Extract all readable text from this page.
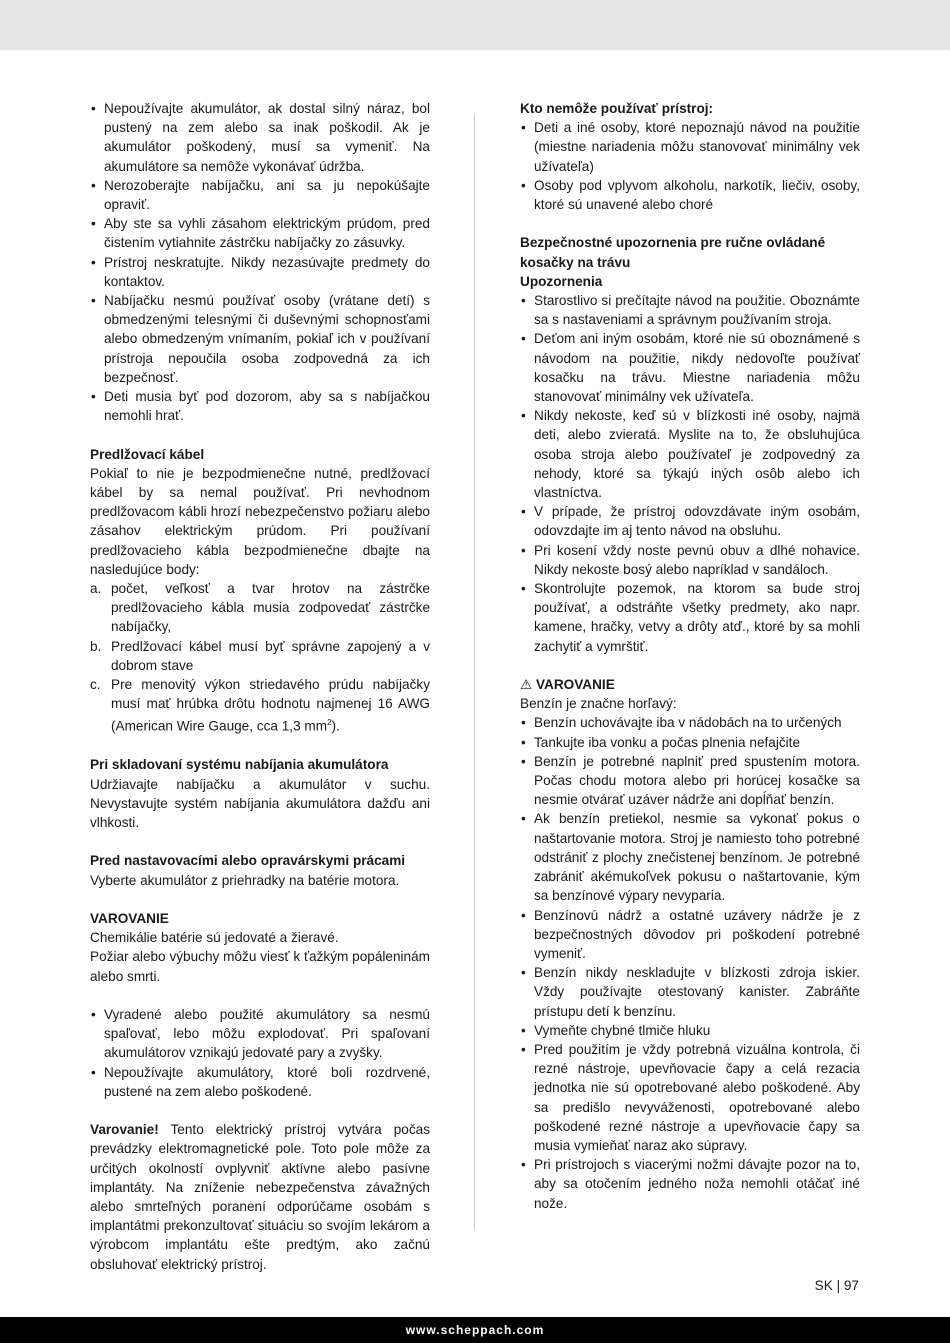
• Nepoužívajte akumulátor, ak dostal silný náraz, bol pustený na zem alebo sa inak poškodil. Ak je akumulátor poškodený, musí sa vymeniť. Na akumulátore sa nemôže vykonávať údržba.
• Nerozoberajte nabíjačku, ani sa ju nepokúšajte opraviť.
• Aby ste sa vyhli zásahom elektrickým prúdom, pred čistením vytiahnite zástrčku nabíjačky zo zásuvky.
• Prístroj neskratujte. Nikdy nezasúvajte predmety do kontaktov.
• Nabíjačku nesmú používať osoby (vrátane detí) s obmedzenými telesnými či duševnými schopnosťami alebo obmedzeným vnímaním, pokiaľ ich v používaní prístroja nepoučila osoba zodpovedná za ich bezpečnosť.
• Deti musia byť pod dozorom, aby sa s nabíjačkou nemohli hrať.

Predlžovací kábel

Pokiaľ to nie je bezpodmienečne nutné, predlžovací kábel by sa nemal používať. Pri nevhodnom predlžovacom kábli hrozí nebezpečenstvo požiaru alebo zásahov elektrickým prúdom. Pri používaní predlžovacieho kábla bezpodmienečne dbajte na nasledujúce body:

a. počet, veľkosť a tvar hrotov na zástrčke predlžovacieho kábla musia zodpovedať zástrčke nabíjačky,
b. Predlžovací kábel musí byť správne zapojený a v dobrom stave
c. Pre menovitý výkon striedavého prúdu nabíjačky musí mať hrúbka drôtu hodnotu najmenej 16 AWG (American Wire Gauge, cca 1,3 $mm^2$).

Pri skladovaní systému nabíjania akumulátora

Udržiavajte nabíjačku a akumulátor v suchu. Nevystavujte systém nabíjania akumulátora dažďu ani vlhkosti.

Pred nastavovacími alebo opravárskymi prácami

Vyberte akumulátor z priehradky na batérie motora.

VAROVANIE

Chemikálie batérie sú jedovaté a žieravé.

Požiar alebo výbuchy môžu viesť k ťažkým popáleninám alebo smrti.

• Vyradené alebo použité akumulátory sa nesmú spaľovať, lebo môžu explodovať. Pri spaľovaní akumulátorov vznikajú jedovaté pary a zvyšky.
• Nepoužívajte akumulátory, ktoré boli rozdrvené, pustené na zem alebo poškodené.

Varovanie! Tento elektrický prístroj vytvára počas prevádzky elektromagnetické pole. Toto pole môže za určitých okolností ovplyvniť aktívne alebo pasívne implantáty. Na zníženie nebezpečenstva závažných alebo smrteľných poranení odporúčame osobám s implantátmi prekonzultovať situáciu so svojím lekárom a výrobcom implantátu ešte predtým, ako začnú obsluhovať elektrický prístroj.

Kto nemôže používať prístroj:

• Deti a iné osoby, ktoré nepoznajú návod na použitie (miestne nariadenia môžu stanovovať minimálny vek užívateľa)
• Osoby pod vplyvom alkoholu, narkotík, liečiv, osoby, ktoré sú unavené alebo choré

Bezpečnostné upozornenia pre ručne ovládané kosačky na trávu

Upozornenia

• Starostlivo si prečítajte návod na použitie. Oboznámte sa s nastaveniami a správnym používaním stroja.
• Deťom ani iným osobám, ktoré nie sú oboznámené s návodom na použitie, nikdy nedovoľte používať kosačku na trávu. Miestne nariadenia môžu stanovovať minimálny vek užívateľa.
• Nikdy nekoste, keď sú v blízkosti iné osoby, najmä deti, alebo zvieratá. Myslite na to, že obsluhujúca osoba stroja alebo používateľ je zodpovedný za nehody, ktoré sa týkajú iných osôb alebo ich vlastníctva.
• V prípade, že prístroj odovzdávate iným osobám, odovzdajte im aj tento návod na obsluhu.
• Pri kosení vždy noste pevnú obuv a dlhé nohavice. Nikdy nekoste bosý alebo napríklad v sandáloch.
• Skontrolujte pozemok, na ktorom sa bude stroj používať, a odstráňte všetky predmety, ako napr. kamene, hračky, vetvy a drôty atď., ktoré by sa mohli zachytiť a vymrštiť.

⚠ VAROVANIE

Benzín je značne horľavý:

• Benzín uchovávajte iba v nádobách na to určených
• Tankujte iba vonku a počas plnenia nefajčite
• Benzín je potrebné naplniť pred spustením motora. Počas chodu motora alebo pri horúcej kosačke sa nesmie otvárať uzáver nádrže ani dopĺňať benzín.
• Ak benzín pretiekol, nesmie sa vykonať pokus o naštartovanie motora. Stroj je namiesto toho potrebné odstrániť z plochy znečistenej benzínom. Je potrebné zabrániť akémukoľvek pokusu o naštartovanie, kým sa benzínové výpary nevyparia.
• Benzínovú nádrž a ostatné uzávery nádrže je z bezpečnostných dôvodov pri poškodení potrebné vymeniť.
• Benzín nikdy neskladujte v blízkosti zdroja iskier. Vždy používajte otestovaný kanister. Zabráňte prístupu detí k benzínu.
• Vymeňte chybné tlmiče hluku
• Pred použitím je vždy potrebná vizuálna kontrola, či rezné nástroje, upevňovacie čapy a celá rezacia jednotka nie sú opotrebované alebo poškodené. Aby sa predišlo nevyváženosti, opotrebované alebo poškodené rezné nástroje a upevňovacie čapy sa musia vymieňať naraz ako súpravy.
• Pri prístrojoch s viacerými nožmi dávajte pozor na to, aby sa otočením jedného noža nemohli otáčať iné nože.
SK | 97
www.scheppach.com
